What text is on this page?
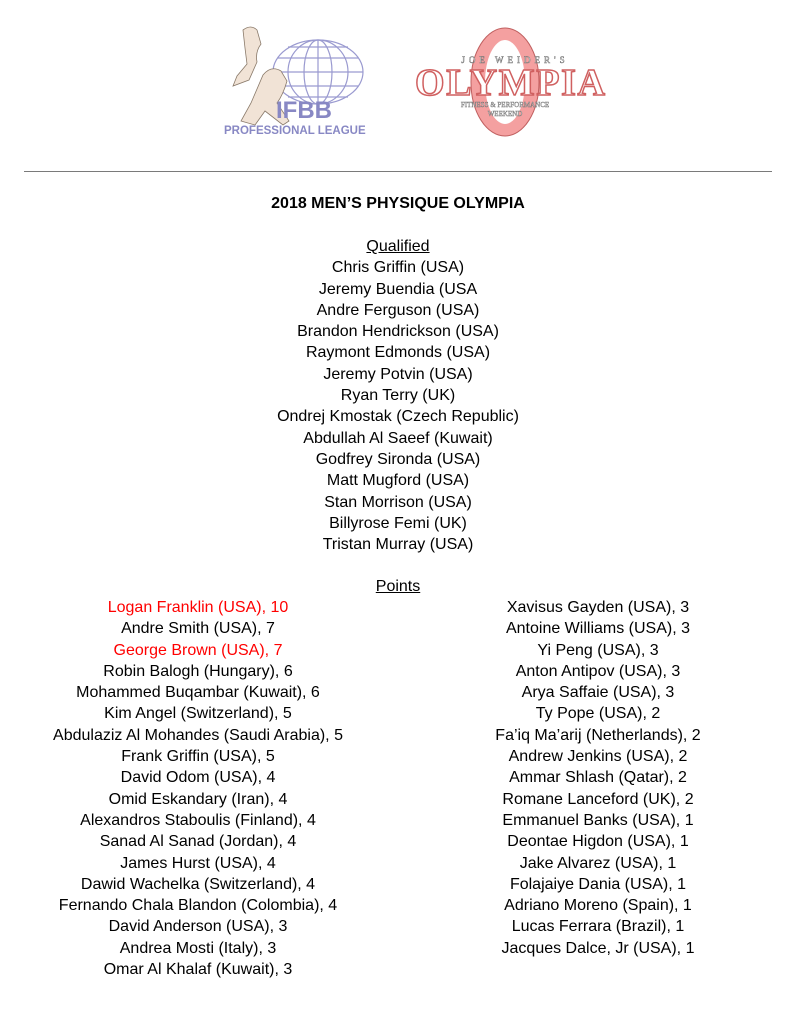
IFBB
PROFESSIONAL LEAGUE
JOE WEIDER'S
OLYMPIA
FITNESS & PERFORMANCE
WEEKEND
2018 MEN’S PHYSIQUE OLYMPIA
Qualified
Chris Griffin (USA)
Jeremy Buendia (USA
Andre Ferguson (USA)
Brandon Hendrickson (USA)
Raymont Edmonds (USA)
Jeremy Potvin (USA)
Ryan Terry (UK)
Ondrej Kmostak (Czech Republic)
Abdullah Al Saeef (Kuwait)
Godfrey Sironda (USA)
Matt Mugford (USA)
Stan Morrison (USA)
Billyrose Femi (UK)
Tristan Murray (USA)
Points
Logan Franklin (USA), 10
Andre Smith (USA), 7
George Brown (USA), 7
Robin Balogh (Hungary), 6
Mohammed Buqambar (Kuwait), 6
Kim Angel (Switzerland), 5
Abdulaziz Al Mohandes (Saudi Arabia), 5
Frank Griffin (USA), 5
David Odom (USA), 4
Omid Eskandary (Iran), 4
Alexandros Staboulis (Finland), 4
Sanad Al Sanad (Jordan), 4
James Hurst (USA), 4
Dawid Wachelka (Switzerland), 4
Fernando Chala Blandon (Colombia), 4
David Anderson (USA), 3
Andrea Mosti (Italy), 3
Omar Al Khalaf (Kuwait), 3
Xavisus Gayden (USA), 3
Antoine Williams (USA), 3
Yi Peng (USA), 3
Anton Antipov (USA), 3
Arya Saffaie (USA), 3
Ty Pope (USA), 2
Fa’iq Ma’arij (Netherlands), 2
Andrew Jenkins (USA), 2
Ammar Shlash (Qatar), 2
Romane Lanceford (UK), 2
Emmanuel Banks (USA), 1
Deontae Higdon (USA), 1
Jake Alvarez (USA), 1
Folajaiye Dania (USA), 1
Adriano Moreno (Spain), 1
Lucas Ferrara (Brazil), 1
Jacques Dalce, Jr (USA), 1
